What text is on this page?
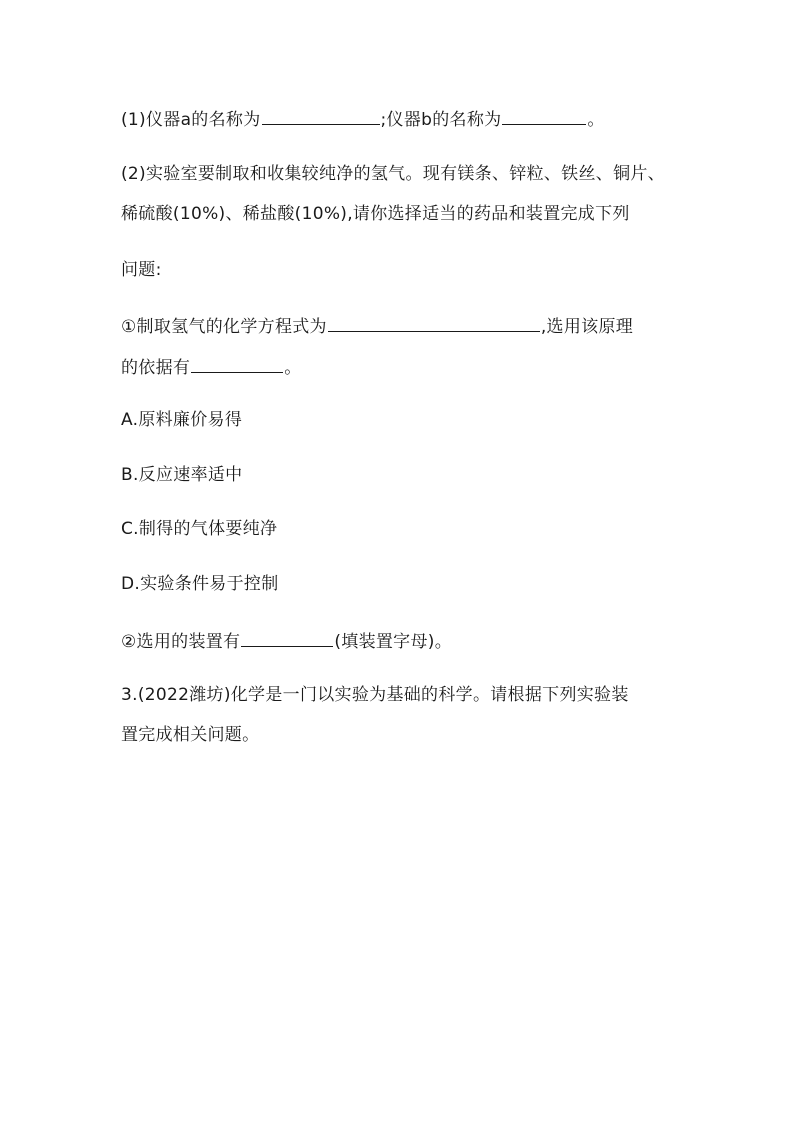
(1)仪器a的名称为	;仪器b的名称为	。
(2)实验室要制取和收集较纯净的氢气。现有镁条、锌粒、铁丝、铜片、
稀硫酸(10%)、稀盐酸(10%),请你选择适当的药品和装置完成下列
问题:
①制取氢气的化学方程式为	,选用该原理
的依据有	。
A.原料廉价易得
B.反应速率适中
C.制得的气体要纯净
D.实验条件易于控制
②选用的装置有	(填装置字母)。
3.(2022潍坊)化学是一门以实验为基础的科学。请根据下列实验装
置完成相关问题。
